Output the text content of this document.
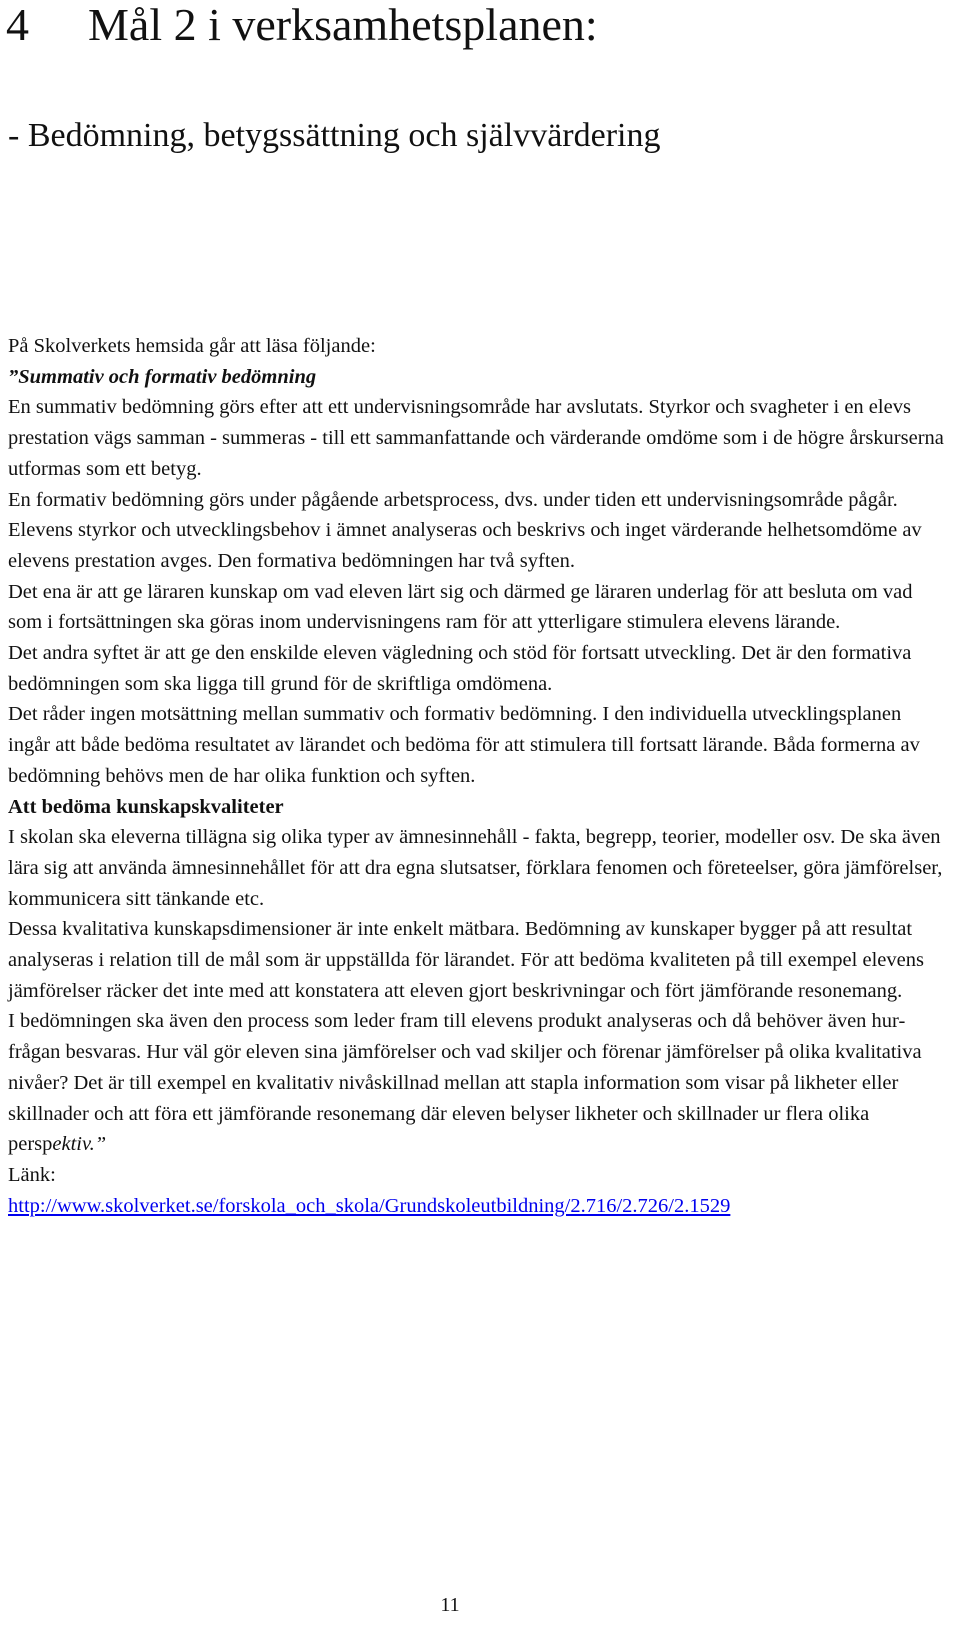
4 Mål 2 i verksamhetsplanen:
- Bedömning, betygssättning och självvärdering

På Skolverkets hemsida går att läsa följande:

”Summativ och formativ bedömning

En summativ bedömning görs efter att ett undervisningsområde har avslutats. Styrkor och svagheter i en elevs prestation vägs samman - summeras - till ett sammanfattande och värderande omdöme som i de högre årskurserna utformas som ett betyg.

En formativ bedömning görs under pågående arbetsprocess, dvs. under tiden ett undervisningsområde pågår. Elevens styrkor och utvecklingsbehov i ämnet analyseras och beskrivs och inget värderande helhetsomdöme av elevens prestation avges. Den formativa bedömningen har två syften.

Det ena är att ge läraren kunskap om vad eleven lärt sig och därmed ge läraren underlag för att besluta om vad som i fortsättningen ska göras inom undervisningens ram för att ytterligare stimulera elevens lärande.

Det andra syftet är att ge den enskilde eleven vägledning och stöd för fortsatt utveckling. Det är den formativa bedömningen som ska ligga till grund för de skriftliga omdömena.

Det råder ingen motsättning mellan summativ och formativ bedömning. I den individuella utvecklingsplanen ingår att både bedöma resultatet av lärandet och bedöma för att stimulera till fortsatt lärande. Båda formerna av bedömning behövs men de har olika funktion och syften.

Att bedöma kunskapskvaliteter

I skolan ska eleverna tillägna sig olika typer av ämnesinnehåll - fakta, begrepp, teorier, modeller osv. De ska även lära sig att använda ämnesinnehållet för att dra egna slutsatser, förklara fenomen och företeelser, göra jämförelser, kommunicera sitt tänkande etc.

Dessa kvalitativa kunskapsdimensioner är inte enkelt mätbara. Bedömning av kunskaper bygger på att resultat analyseras i relation till de mål som är uppställda för lärandet. För att bedöma kvaliteten på till exempel elevens jämförelser räcker det inte med att konstatera att eleven gjort beskrivningar och fört jämförande resonemang.

I bedömningen ska även den process som leder fram till elevens produkt analyseras och då behöver även hur-frågan besvaras. Hur väl gör eleven sina jämförelser och vad skiljer och förenar jämförelser på olika kvalitativa nivåer? Det är till exempel en kvalitativ nivåskillnad mellan att stapla information som visar på likheter eller skillnader och att föra ett jämförande resonemang där eleven belyser likheter och skillnader ur flera olika perspektiv.”

Länk:

http://www.skolverket.se/forskola_och_skola/Grundskoleutbildning/2.716/2.726/2.1529

11
